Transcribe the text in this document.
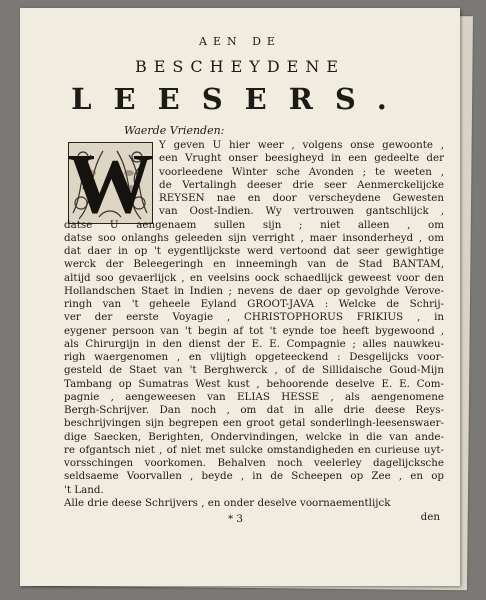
AEN DE
BESCHEYDENE
LEESERS.
Waerde Vrienden:
W Y geven U hier weer , volgens onse gewoonte ,
een Vrught onser beesigheyd in een gedeelte der
voorleedene Winter sche Avonden ; te weeten ,
de Vertalingh deeser drie seer Aenmerckelijcke
REYSEN nae en door verscheydene Gewesten
van Oost-Indien. Wy vertrouwen gantschlijck ,
datse U aengenaem sullen sijn ; niet alleen , om
datse soo onlanghs geleeden sijn verright , maer insonderheyd , om
dat daer in op 't eygentlijckste werd vertoond dat seer gewightige
werck der Beleegeringh en inneemingh van de Stad BANTAM,
altijd soo gevaerlijck , en veelsins oock schaedlijck geweest voor den
Hollandschen Staet in Indien ; nevens de daer op gevolghde Verove-
ringh van 't geheele Eyland GROOT-JAVA : Welcke de Schrij-
ver der eerste Voyagie , CHRISTOPHORUS FRIKIUS , in
eygener persoon van 't begin af tot 't eynde toe heeft bygewoond ,
als Chirurgijn in den dienst der E. E. Compagnie ; alles nauwkeu-
righ waergenomen , en vlijtigh opgeteeckend : Desgelijcks voor-
gesteld de Staet van 't Berghwerck , of de Sillidaische Goud-Mijn
Tambang op Sumatras West kust , behoorende deselve E. E. Com-
pagnie , aengeweesen van ELIAS HESSE , als aengenomene
Bergh-Schrijver. Dan noch , om dat in alle drie deese Reys-
beschrijvingen sijn begrepen een groot getal sonderlingh-leesenswaer-
dige Saecken, Berighten, Ondervindingen, welcke in die van ande-
re ofgantsch niet , of niet met sulcke omstandigheden en curieuse uyt-
vorsschingen voorkomen. Behalven noch veelerley dagelijcksche
seldsaeme Voorvallen , beyde , in de Scheepen op Zee , en op
't Land.
Alle drie deese Schrijvers , en onder deselve voornaementlijck
* 3	den
